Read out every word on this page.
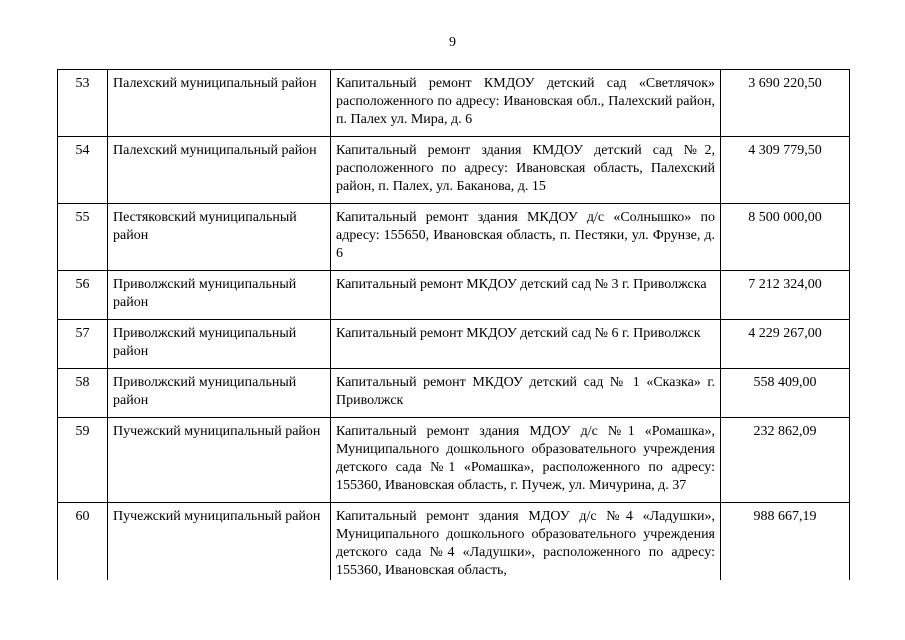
9
53	Палехский муниципальный район	Капитальный ремонт КМДОУ детский сад «Светлячок» расположенного по адресу: Ивановская обл., Палехский район, п. Палех ул. Мира, д. 6	3 690 220,50
54	Палехский муниципальный район	Капитальный ремонт здания КМДОУ детский сад №2, расположенного по адресу: Ивановская область, Палехский район, п. Палех, ул. Баканова, д. 15	4 309 779,50
55	Пестяковский муниципальный район	Капитальный ремонт здания МКДОУ д/с «Солнышко» по адресу: 155650, Ивановская область, п. Пестяки, ул. Фрунзе, д. 6	8 500 000,00
56	Приволжский муниципальный район	Капитальный ремонт МКДОУ детский сад № 3 г. Приволжска	7 212 324,00
57	Приволжский муниципальный район	Капитальный ремонт МКДОУ детский сад № 6 г. Приволжск	4 229 267,00
58	Приволжский муниципальный район	Капитальный ремонт МКДОУ детский сад № 1 «Сказка» г. Приволжск	558 409,00
59	Пучежский муниципальный район	Капитальный ремонт здания МДОУ д/с №1 «Ромашка», Муниципального дошкольного образовательного учреждения детского сада №1 «Ромашка», расположенного по адресу: 155360, Ивановская область, г. Пучеж, ул. Мичурина, д. 37	232 862,09
60	Пучежский муниципальный район	Капитальный ремонт здания МДОУ д/с №4 «Ладушки», Муниципального дошкольного образовательного учреждения детского сада №4 «Ладушки», расположенного по адресу: 155360, Ивановская область,	988 667,19
